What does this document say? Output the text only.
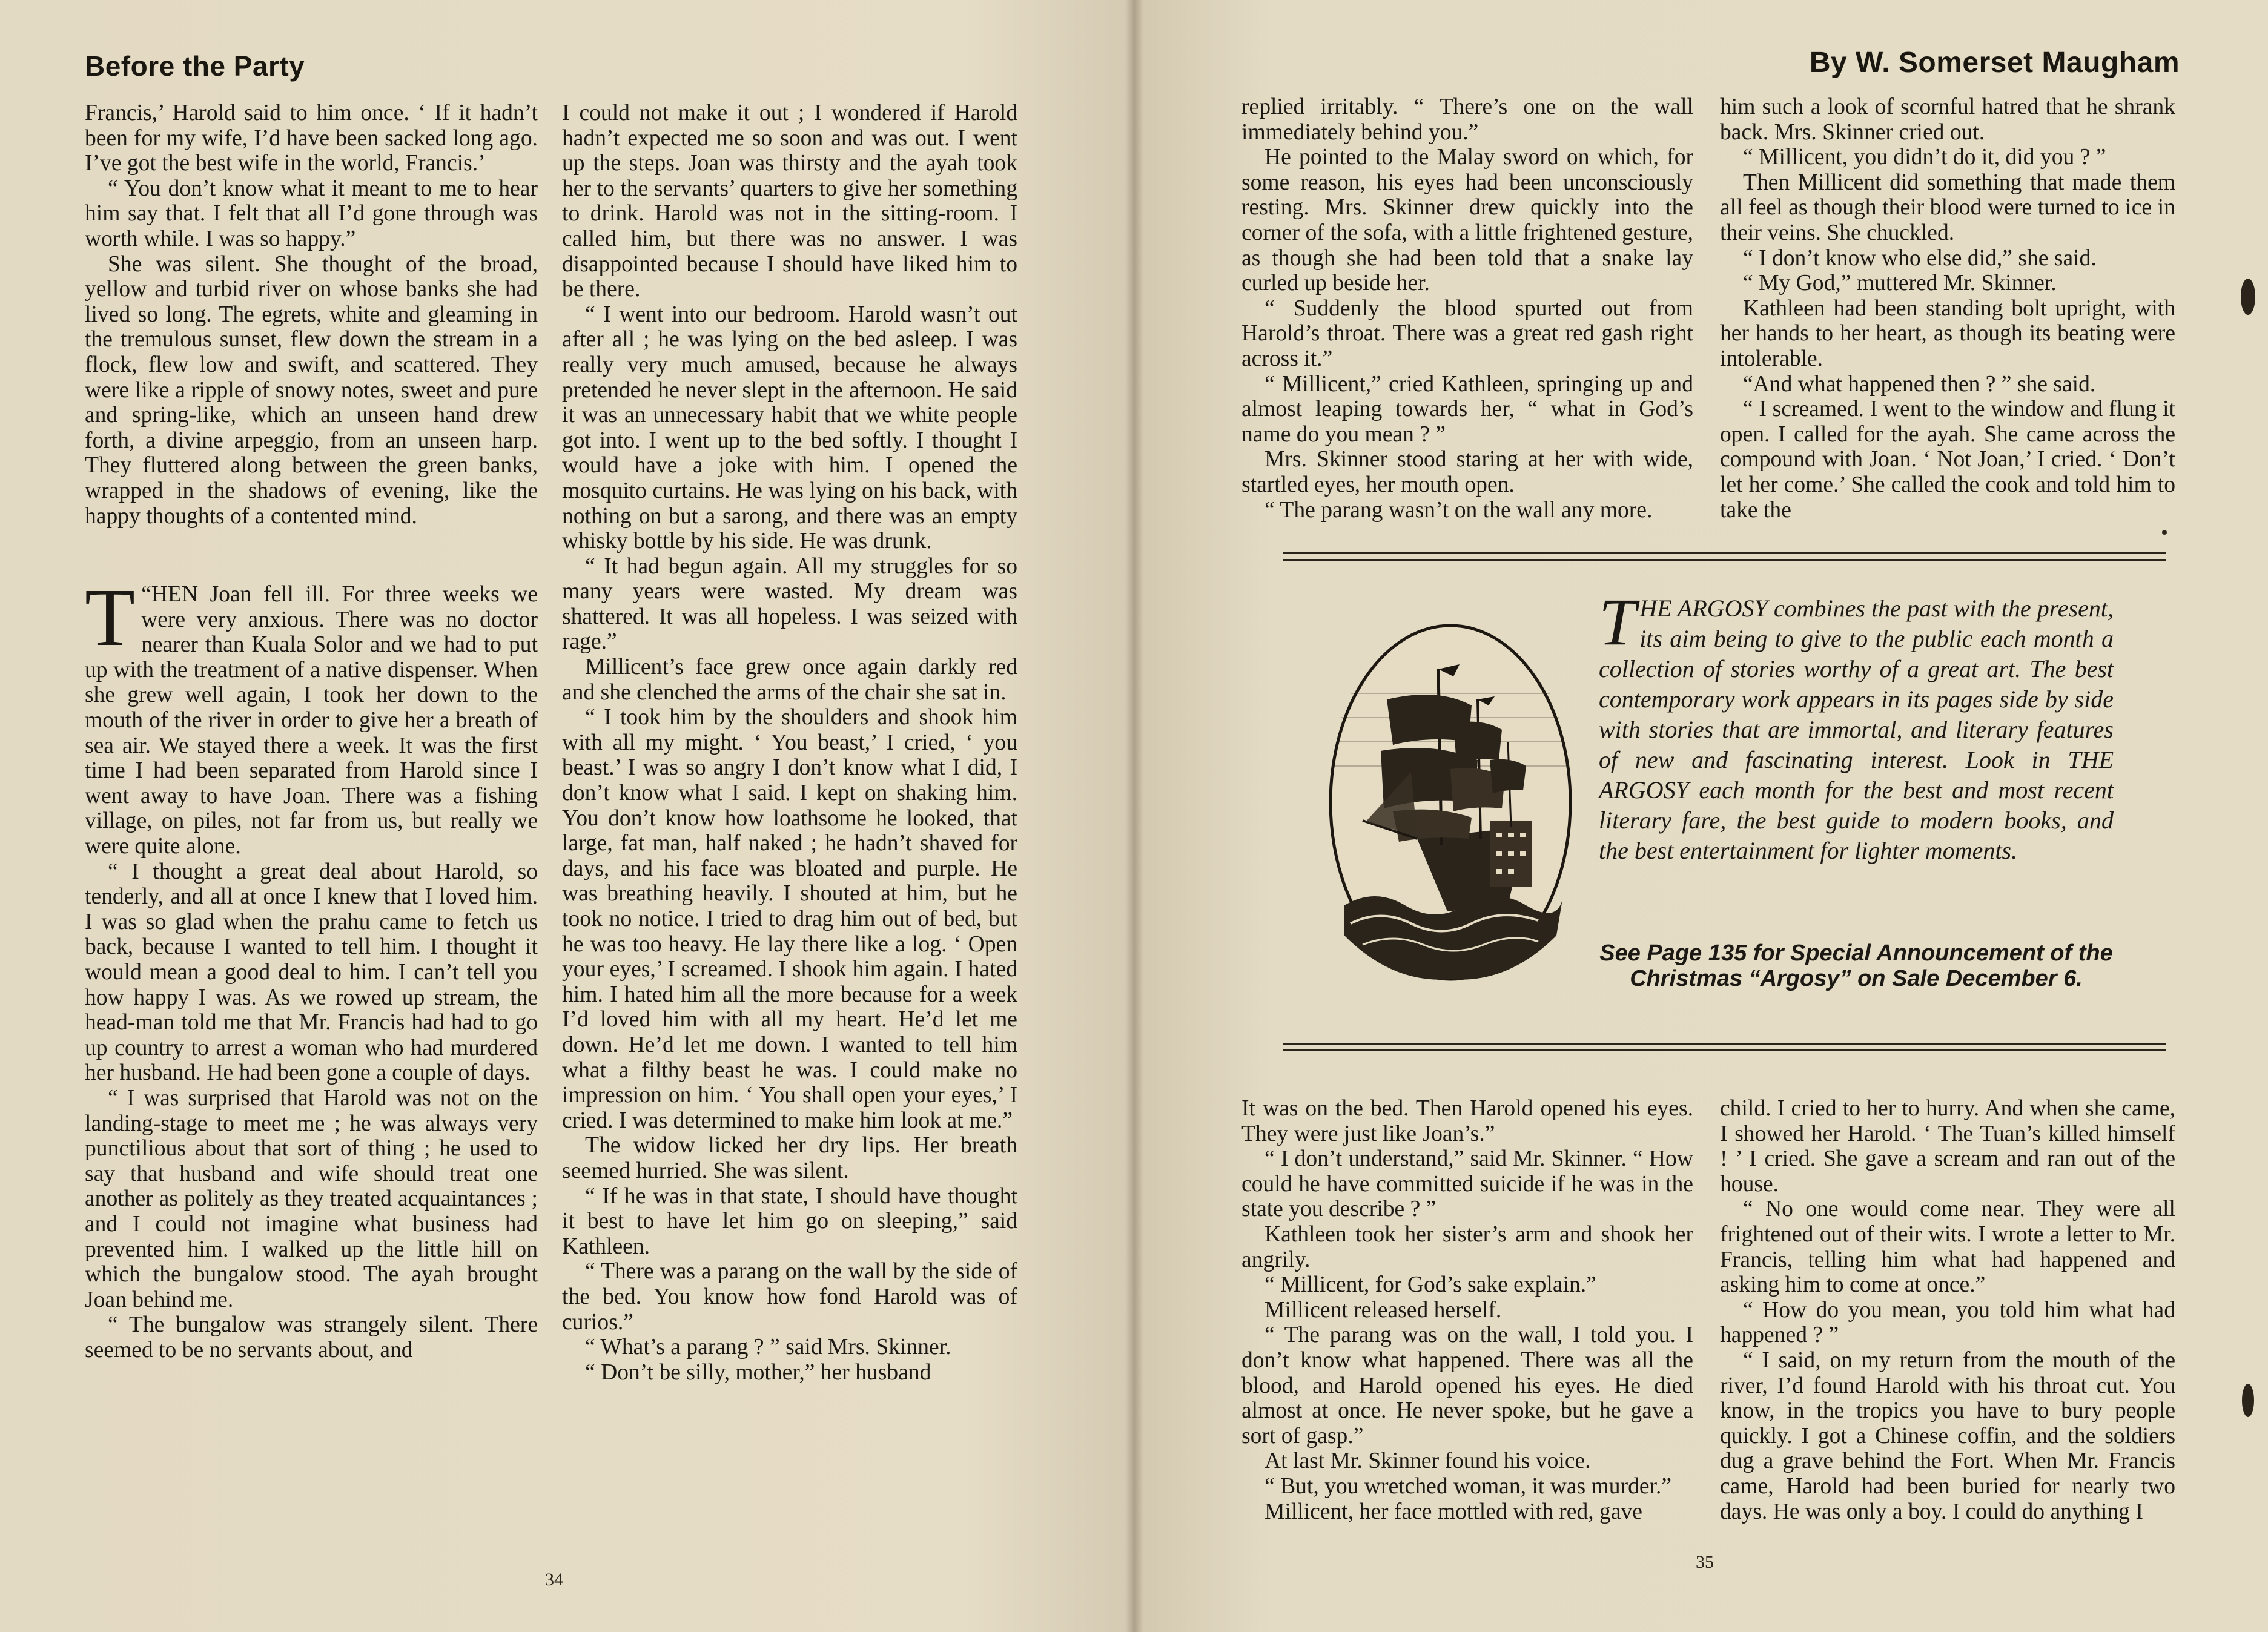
Before the Party	By W. Somerset Maugham

Francis,’ Harold said to him once. ‘ If it hadn’t been for my wife, I’d have been sacked long ago. I’ve got the best wife in the world, Francis.’

“ You don’t know what it meant to me to hear him say that. I felt that all I’d gone through was worth while. I was so happy.”

She was silent. She thought of the broad, yellow and turbid river on whose banks she had lived so long. The egrets, white and gleaming in the tremulous sunset, flew down the stream in a flock, flew low and swift, and scattered. They were like a ripple of snowy notes, sweet and pure and spring-like, which an unseen hand drew forth, a divine arpeggio, from an unseen harp. They fluttered along between the green banks, wrapped in the shadows of evening, like the happy thoughts of a contented mind.

“
T HEN Joan fell ill. For three weeks we were very anxious. There was no doctor nearer than Kuala Solor and we had to put up with the treatment of a native dispenser. When she grew well again, I took her down to the mouth of the river in order to give her a breath of sea air. We stayed there a week. It was the first time I had been separated from Harold since I went away to have Joan. There was a fishing village, on piles, not far from us, but really we were quite alone.

“ I thought a great deal about Harold, so tenderly, and all at once I knew that I loved him. I was so glad when the prahu came to fetch us back, because I wanted to tell him. I thought it would mean a good deal to him. I can’t tell you how happy I was. As we rowed up stream, the head-man told me that Mr. Francis had had to go up country to arrest a woman who had murdered her husband. He had been gone a couple of days.

“ I was surprised that Harold was not on the landing-stage to meet me ; he was always very punctilious about that sort of thing ; he used to say that husband and wife should treat one another as politely as they treated acquaintances ; and I could not imagine what business had prevented him. I walked up the little hill on which the bungalow stood. The ayah brought Joan behind me.

“ The bungalow was strangely silent. There seemed to be no servants about, and

I could not make it out ; I wondered if Harold hadn’t expected me so soon and was out. I went up the steps. Joan was thirsty and the ayah took her to the servants’ quarters to give her something to drink. Harold was not in the sitting-room. I called him, but there was no answer. I was disappointed because I should have liked him to be there.

“ I went into our bedroom. Harold wasn’t out after all ; he was lying on the bed asleep. I was really very much amused, because he always pretended he never slept in the afternoon. He said it was an unnecessary habit that we white people got into. I went up to the bed softly. I thought I would have a joke with him. I opened the mosquito curtains. He was lying on his back, with nothing on but a sarong, and there was an empty whisky bottle by his side. He was drunk.

“ It had begun again. All my struggles for so many years were wasted. My dream was shattered. It was all hopeless. I was seized with rage.”

Millicent’s face grew once again darkly red and she clenched the arms of the chair she sat in.

“ I took him by the shoulders and shook him with all my might. ‘ You beast,’ I cried, ‘ you beast.’ I was so angry I don’t know what I did, I don’t know what I said. I kept on shaking him. You don’t know how loathsome he looked, that large, fat man, half naked ; he hadn’t shaved for days, and his face was bloated and purple. He was breathing heavily. I shouted at him, but he took no notice. I tried to drag him out of bed, but he was too heavy. He lay there like a log. ‘ Open your eyes,’ I screamed. I shook him again. I hated him. I hated him all the more because for a week I’d loved him with all my heart. He’d let me down. He’d let me down. I wanted to tell him what a filthy beast he was. I could make no impression on him. ‘ You shall open your eyes,’ I cried. I was determined to make him look at me.”

The widow licked her dry lips. Her breath seemed hurried. She was silent.

“ If he was in that state, I should have thought it best to have let him go on sleeping,” said Kathleen.

“ There was a parang on the wall by the side of the bed. You know how fond Harold was of curios.”

“ What’s a parang ? ” said Mrs. Skinner.

“ Don’t be silly, mother,” her husband

replied irritably. “ There’s one on the wall immediately behind you.”

He pointed to the Malay sword on which, for some reason, his eyes had been unconsciously resting. Mrs. Skinner drew quickly into the corner of the sofa, with a little frightened gesture, as though she had been told that a snake lay curled up beside her.

“ Suddenly the blood spurted out from Harold’s throat. There was a great red gash right across it.”

“ Millicent,” cried Kathleen, springing up and almost leaping towards her, “ what in God’s name do you mean ? ”

Mrs. Skinner stood staring at her with wide, startled eyes, her mouth open.

“ The parang wasn’t on the wall any more.

him such a look of scornful hatred that he shrank back. Mrs. Skinner cried out.

“ Millicent, you didn’t do it, did you ? ”

Then Millicent did something that made them all feel as though their blood were turned to ice in their veins. She chuckled.

“ I don’t know who else did,” she said.

“ My God,” muttered Mr. Skinner.

Kathleen had been standing bolt upright, with her hands to her heart, as though its beating were intolerable.

“And what happened then ? ” she said.

“ I screamed. I went to the window and flung it open. I called for the ayah. She came across the compound with Joan. ‘ Not Joan,’ I cried. ‘ Don’t let her come.’ She called the cook and told him to take the

THE ARGOSY combines the past with the present, its aim being to give to the public each month a collection of stories worthy of a great art. The best contemporary work appears in its pages side by side with stories that are immortal, and literary features of new and fascinating interest. Look in THE ARGOSY each month for the best and most recent literary fare, the best guide to modern books, and the best entertainment for lighter moments.
See Page 135 for Special Announcement of the Christmas “Argosy” on Sale December 6.

It was on the bed. Then Harold opened his eyes. They were just like Joan’s.”

“ I don’t understand,” said Mr. Skinner. “ How could he have committed suicide if he was in the state you describe ? ”

Kathleen took her sister’s arm and shook her angrily.

“ Millicent, for God’s sake explain.”

Millicent released herself.

“ The parang was on the wall, I told you. I don’t know what happened. There was all the blood, and Harold opened his eyes. He died almost at once. He never spoke, but he gave a sort of gasp.”

At last Mr. Skinner found his voice.

“ But, you wretched woman, it was murder.”

Millicent, her face mottled with red, gave

child. I cried to her to hurry. And when she came, I showed her Harold. ‘ The Tuan’s killed himself ! ’ I cried. She gave a scream and ran out of the house.

“ No one would come near. They were all frightened out of their wits. I wrote a letter to Mr. Francis, telling him what had happened and asking him to come at once.”

“ How do you mean, you told him what had happened ? ”

“ I said, on my return from the mouth of the river, I’d found Harold with his throat cut. You know, in the tropics you have to bury people quickly. I got a Chinese coffin, and the soldiers dug a grave behind the Fort. When Mr. Francis came, Harold had been buried for nearly two days. He was only a boy. I could do anything I

34
35
